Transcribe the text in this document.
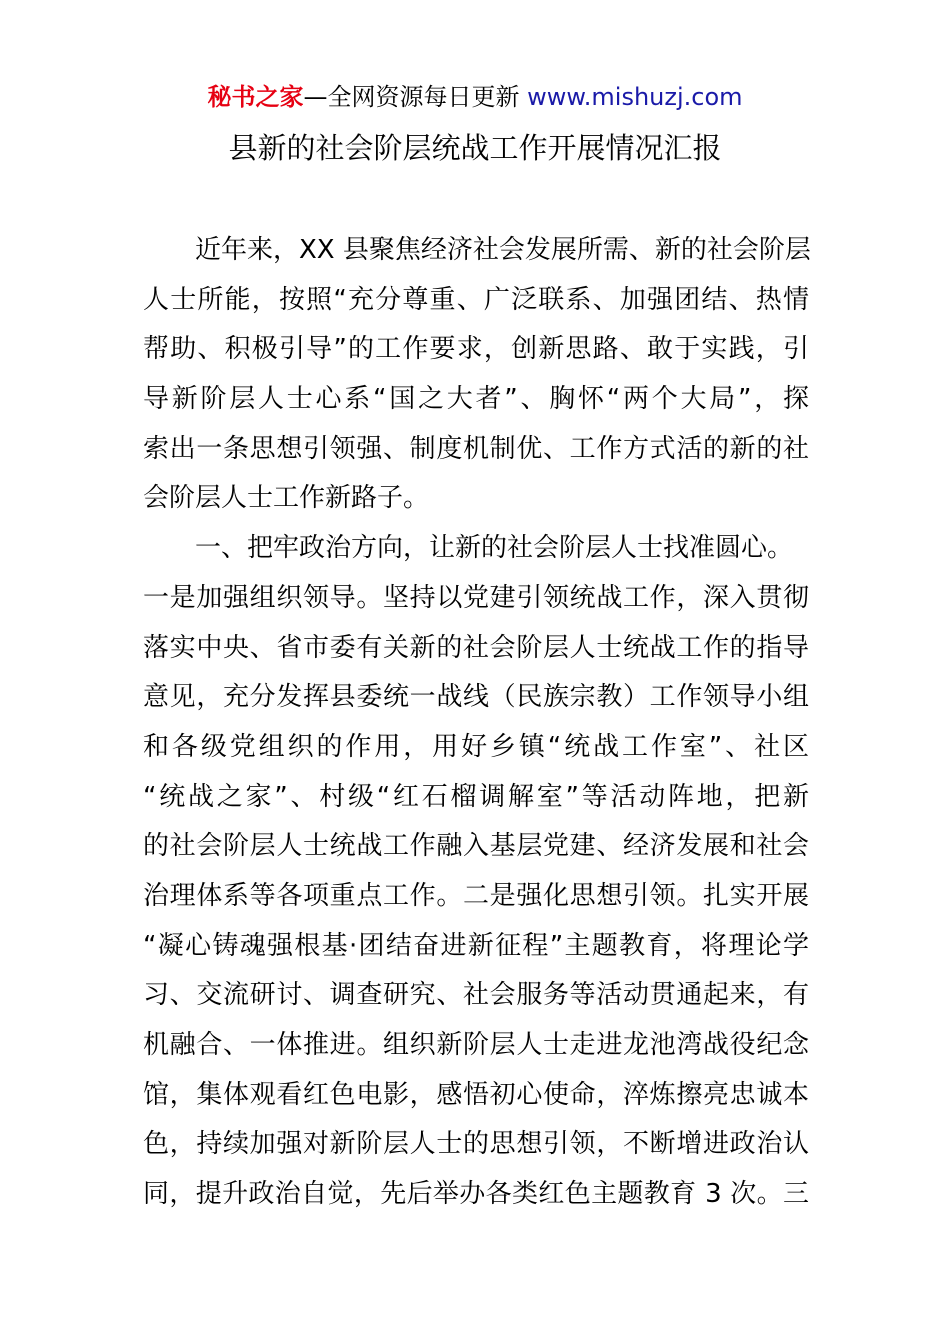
秘书之家—全网资源每日更新 www.mishuzj.com
县新的社会阶层统战工作开展情况汇报
近年来，XX 县聚焦经济社会发展所需、新的社会阶层
人士所能，按照“充分尊重、广泛联系、加强团结、热情
帮助、积极引导”的工作要求，创新思路、敢于实践，引
导新阶层人士心系“国之大者”、胸怀“两个大局”，探
索出一条思想引领强、制度机制优、工作方式活的新的社
会阶层人士工作新路子。
一、把牢政治方向，让新的社会阶层人士找准圆心。
一是加强组织领导。坚持以党建引领统战工作，深入贯彻
落实中央、省市委有关新的社会阶层人士统战工作的指导
意见，充分发挥县委统一战线（民族宗教）工作领导小组
和各级党组织的作用，用好乡镇“统战工作室”、社区
“统战之家”、村级“红石榴调解室”等活动阵地，把新
的社会阶层人士统战工作融入基层党建、经济发展和社会
治理体系等各项重点工作。二是强化思想引领。扎实开展
“凝心铸魂强根基·团结奋进新征程”主题教育，将理论学
习、交流研讨、调查研究、社会服务等活动贯通起来，有
机融合、一体推进。组织新阶层人士走进龙池湾战役纪念
馆，集体观看红色电影，感悟初心使命，淬炼擦亮忠诚本
色，持续加强对新阶层人士的思想引领，不断增进政治认
同，提升政治自觉，先后举办各类红色主题教育 3 次。三
